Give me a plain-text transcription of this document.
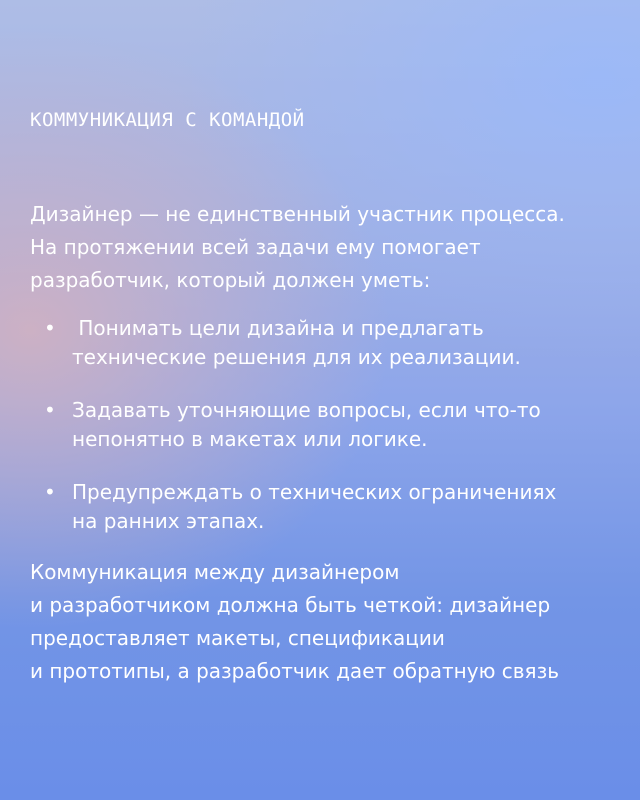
КОММУНИКАЦИЯ С КОМАНДОЙ

Дизайнер — не единственный участник процесса.
На протяжении всей задачи ему помогает
разработчик, который должен уметь:

• Понимать цели дизайна и предлагать
технические решения для их реализации.
• Задавать уточняющие вопросы, если что-то
непонятно в макетах или логике.
• Предупреждать о технических ограничениях
на ранних этапах.

Коммуникация между дизайнером
и разработчиком должна быть четкой: дизайнер
предоставляет макеты, спецификации
и прототипы, а разработчик дает обратную связь
